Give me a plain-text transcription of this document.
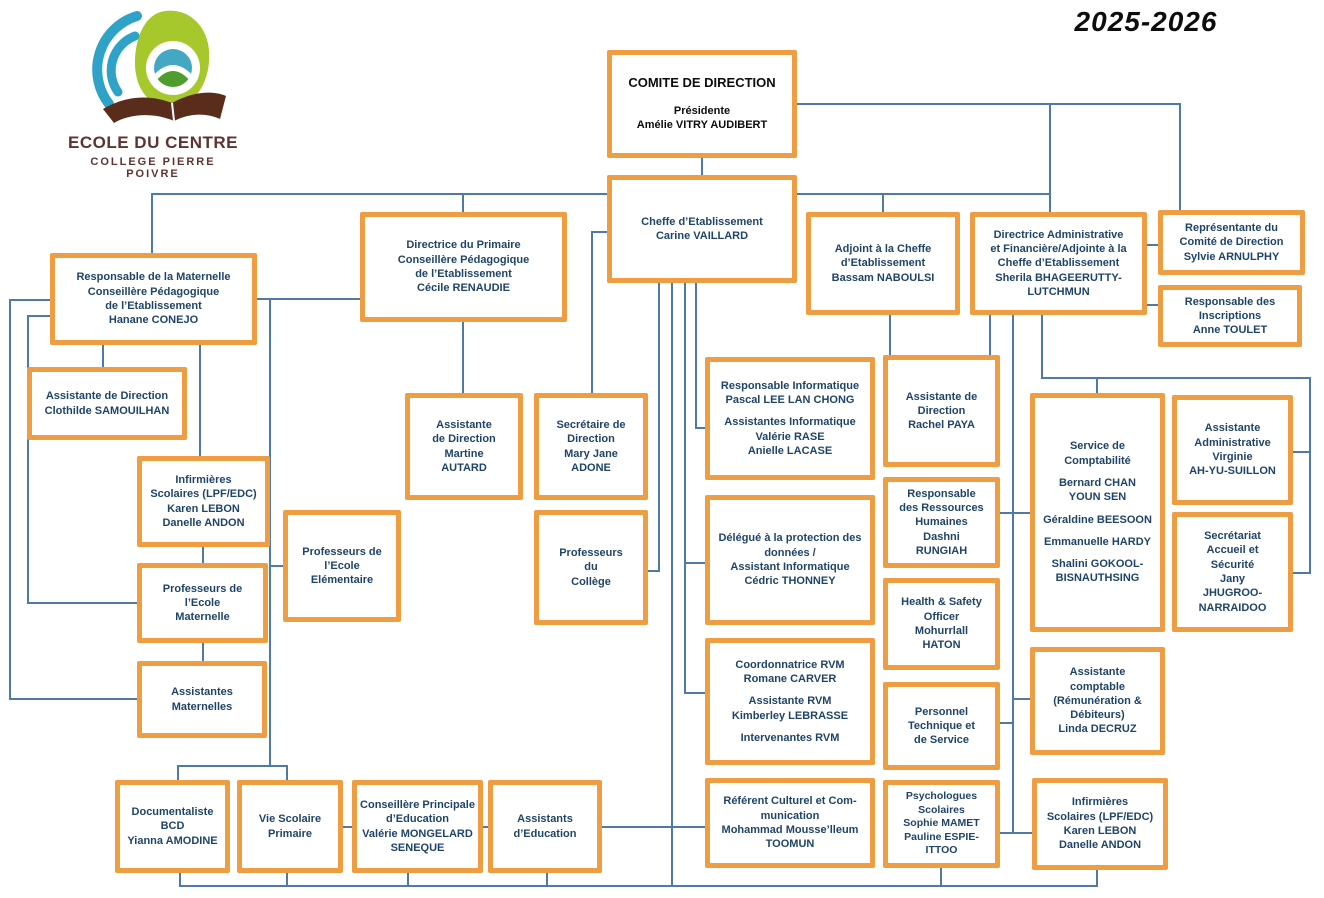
2025-2026
ECOLE DU CENTRE
COLLEGE PIERRE POIVRE
COMITE DE DIRECTION
Présidente
Amélie VITRY AUDIBERT
Cheffe d’Etablissement
Carine VAILLARD
Adjoint à la Cheffe
d’Etablissement
Bassam NABOULSI
Directrice Administrative
et Financière/Adjointe à la
Cheffe d’Etablissement
Sherila BHAGEERUTTY-
LUTCHMUN
Représentante du
Comité de Direction
Sylvie ARNULPHY
Responsable des
Inscriptions
Anne TOULET
Responsable de la Maternelle
Conseillère Pédagogique
de l’Etablissement
Hanane CONEJO
Directrice du Primaire
Conseillère Pédagogique
de l’Etablissement
Cécile RENAUDIE
Assistante de Direction
Clothilde SAMOUILHAN
Infirmières
Scolaires (LPF/EDC)
Karen LEBON
Danelle ANDON
Professeurs de
l’Ecole
Maternelle
Assistantes
Maternelles
Professeurs de
l’Ecole
Elémentaire
Assistante
de Direction
Martine
AUTARD
Secrétaire de
Direction
Mary Jane
ADONE
Professeurs
du
Collège
Responsable Informatique
Pascal LEE LAN CHONG
Assistantes Informatique
Valérie RASE
Anielle LACASE
Délégué à la protection des
données /
Assistant Informatique
Cédric THONNEY
Coordonnatrice RVM
Romane CARVER
Assistante RVM
Kimberley LEBRASSE
Intervenantes RVM
Référent Culturel et Com-
munication
Mohammad Mousse’lleum
TOOMUN
Assistante de
Direction
Rachel PAYA
Responsable
des Ressources
Humaines
Dashni
RUNGIAH
Health & Safety
Officer
Mohurrlall
HATON
Personnel
Technique et
de Service
Psychologues
Scolaires
Sophie MAMET
Pauline ESPIE-
ITTOO
Service de
Comptabilité
Bernard CHAN
YOUN SEN
Géraldine BEESOON
Emmanuelle HARDY
Shalini GOKOOL-
BISNAUTHSING
Assistante
Administrative
Virginie
AH-YU-SUILLON
Secrétariat
Accueil et
Sécurité
Jany
JHUGROO-
NARRAIDOO
Assistante
comptable
(Rémunération &
Débiteurs)
Linda DECRUZ
Infirmières
Scolaires (LPF/EDC)
Karen LEBON
Danelle ANDON
Documentaliste
BCD
Yianna AMODINE
Vie Scolaire
Primaire
Conseillère Principale
d’Education
Valérie MONGELARD
SENEQUE
Assistants
d’Education
